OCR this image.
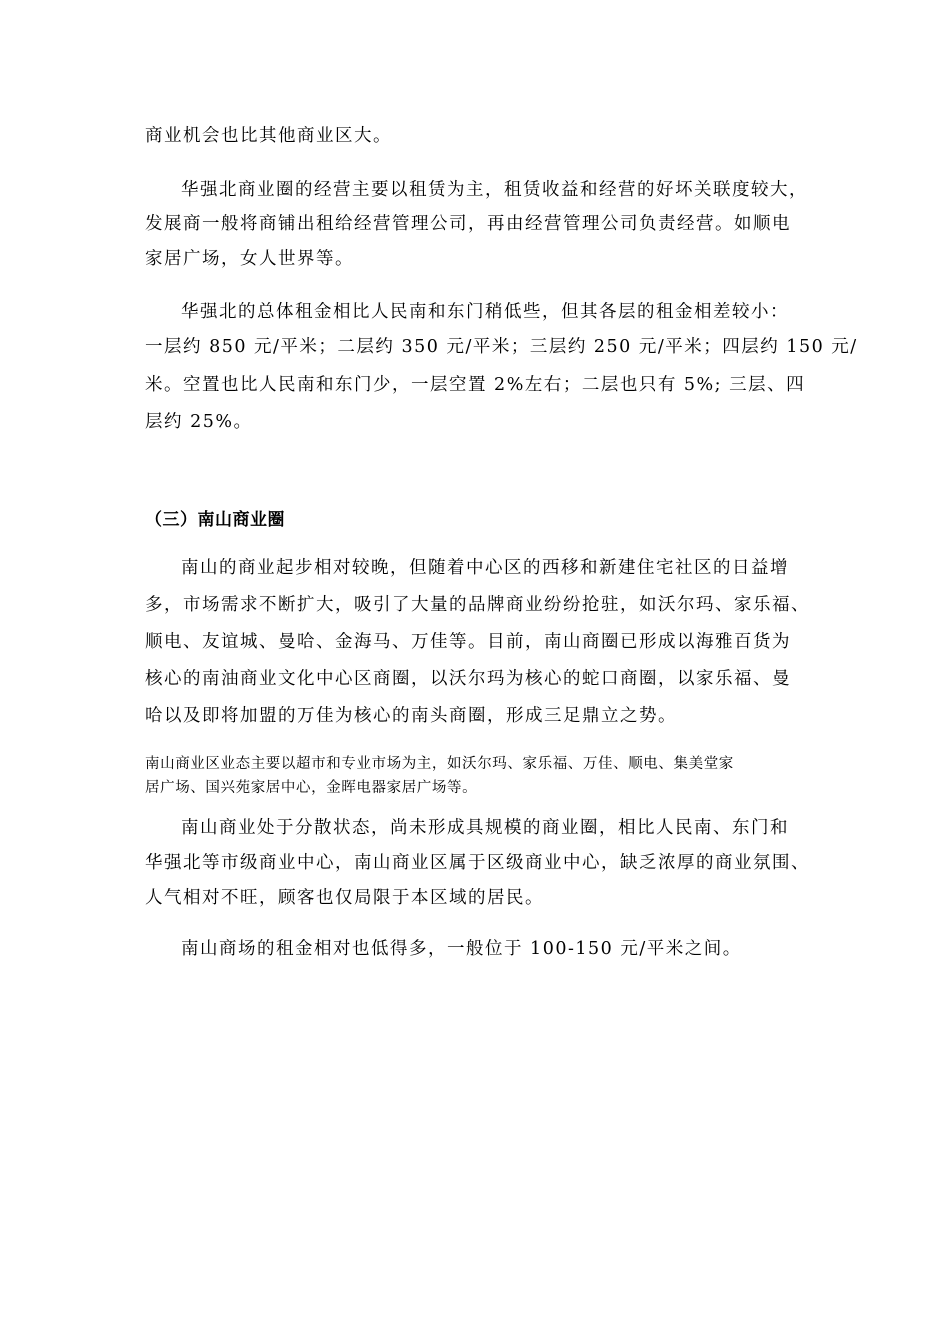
商业机会也比其他商业区大。
华强北商业圈的经营主要以租赁为主，租赁收益和经营的好坏关联度较大，
发展商一般将商铺出租给经营管理公司，再由经营管理公司负责经营。如顺电
家居广场，女人世界等。
华强北的总体租金相比人民南和东门稍低些，但其各层的租金相差较小：
一层约 850 元/平米；二层约 350 元/平米；三层约 250 元/平米；四层约 150 元/
米。空置也比人民南和东门少，一层空置 2%左右；二层也只有 5%; 三层、四
层约 25%。
（三）南山商业圈
南山的商业起步相对较晚，但随着中心区的西移和新建住宅社区的日益增
多，市场需求不断扩大，吸引了大量的品牌商业纷纷抢驻，如沃尔玛、家乐福、
顺电、友谊城、曼哈、金海马、万佳等。目前，南山商圈已形成以海雅百货为
核心的南油商业文化中心区商圈，以沃尔玛为核心的蛇口商圈，以家乐福、曼
哈以及即将加盟的万佳为核心的南头商圈，形成三足鼎立之势。
南山商业区业态主要以超市和专业市场为主，如沃尔玛、家乐福、万佳、顺电、集美堂家
居广场、国兴苑家居中心，金晖电器家居广场等。
南山商业处于分散状态，尚未形成具规模的商业圈，相比人民南、东门和
华强北等市级商业中心，南山商业区属于区级商业中心，缺乏浓厚的商业氛围、
人气相对不旺，顾客也仅局限于本区域的居民。
南山商场的租金相对也低得多，一般位于 100-150 元/平米之间。
